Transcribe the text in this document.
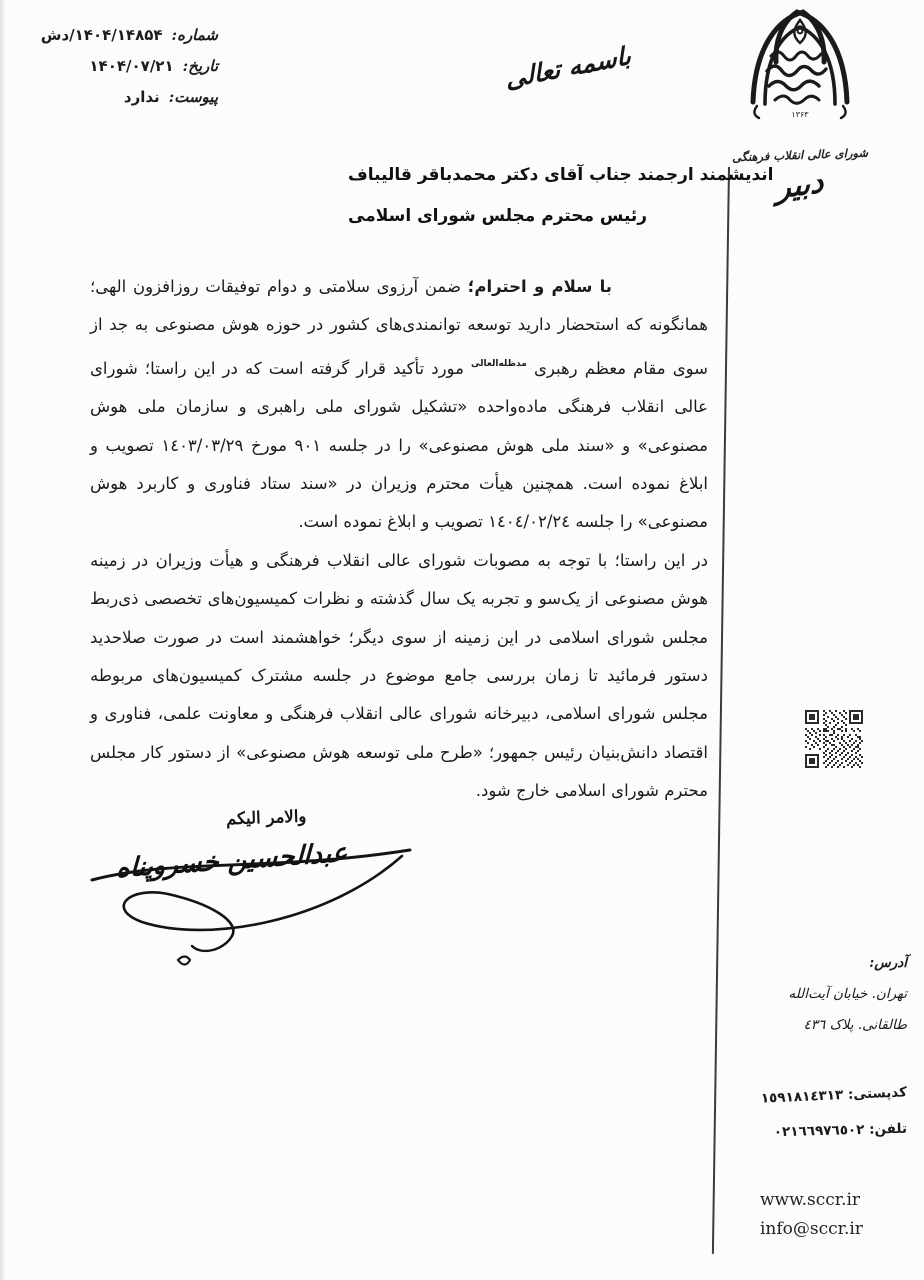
شماره:
۱۴۰۴/۱۴۸۵۴/دش
تاریخ:
۱۴۰۴/۰۷/۲۱
پیوست:
ندارد
باسمه تعالی
۱۳۶۳
شورای عالی انقلاب فرهنگی
دبیر
اندیشمند ارجمند جناب آقای دکتر محمدباقر قالیباف
رئیس محترم مجلس شورای اسلامی

با سلام و احترام؛ ضمن آرزوی سلامتی و دوام توفیقات روزافزون الهی؛ همانگونه که استحضار دارید توسعه توانمندی‌های کشور در حوزه هوش مصنوعی به جد از سوی مقام معظم رهبری $^{مدظله‌العالی}$ مورد تأکید قرار گرفته است که در این راستا؛ شورای عالی انقلاب فرهنگی ماده‌واحده «تشکیل شورای ملی راهبری و سازمان ملی هوش مصنوعی» و «سند ملی هوش مصنوعی» را در جلسه ٩٠١ مورخ ١٤٠٣/٠٣/٢٩ تصویب و ابلاغ نموده است. همچنین هیأت محترم وزیران در «سند ستاد فناوری و کاربرد هوش مصنوعی» را جلسه ١٤٠٤/٠٢/٢٤ تصویب و ابلاغ نموده است.

در این راستا؛ با توجه به مصوبات شورای عالی انقلاب فرهنگی و هیأت وزیران در زمینه هوش مصنوعی از یک‌سو و تجربه یک سال گذشته و نظرات کمیسیون‌های تخصصی ذی‌ربط مجلس شورای اسلامی در این زمینه از سوی دیگر؛ خواهشمند است در صورت صلاحدید دستور فرمائید تا زمان بررسی جامع موضوع در جلسه مشترک کمیسیون‌های مربوطه مجلس شورای اسلامی، دبیرخانه شورای عالی انقلاب فرهنگی و معاونت علمی، فناوری و اقتصاد دانش‌بنیان رئیس جمهور؛ «طرح ملی توسعه هوش مصنوعی» از دستور کار مجلس محترم شورای اسلامی خارج شود.

والامر الیکم
عبدالحسین خسروپناه
آدرس:
تهران. خیابان آیت‌الله
طالقانی. پلاک ٤٣٦
کدپستی: ١٥٩١٨١٤٣١٣
تلفن: ٠٢١٦٦٩٧٦٥٠٢
www.sccr.ir
info@sccr.ir
